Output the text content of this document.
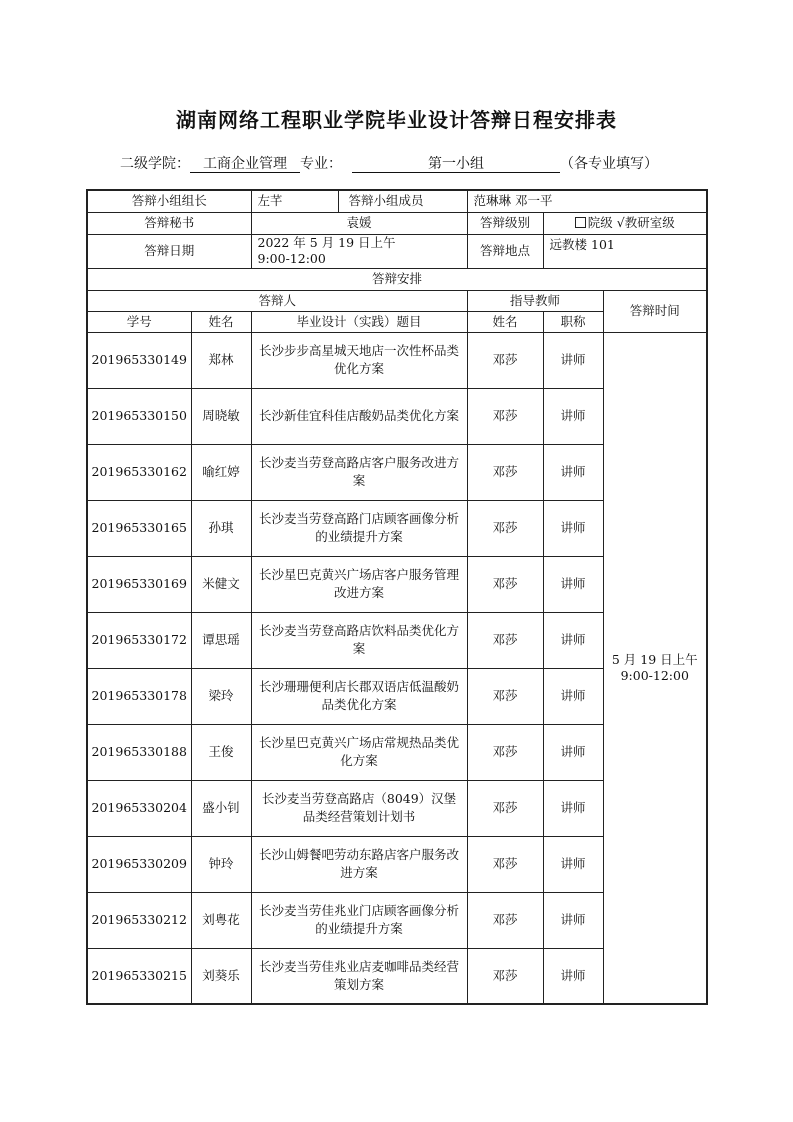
湖南网络工程职业学院毕业设计答辩日程安排表
二级学院： 工商企业管理 专业：	第一小组	（各专业填写）
答辩小组组长		左芊 答辩小组成员	范琳琳 邓一平		
答辩秘书		袁媛	答辩级别	院级 √教研室级	
答辩日期		2022 年 5 月 19 日上午
9:00-12:00	答辩地点	远教楼 101	
答辩安排					
答辩人			指导教师		答辩时间
学号	姓名	毕业设计（实践）题目	姓名	职称	
201965330149	郑林	长沙步步高星城天地店一次性杯品类优化方案	邓莎	讲师	5 月 19 日上午
9:00-12:00

201965330150	周晓敏	长沙新佳宜科佳店酸奶品类优化方案	邓莎	讲师	
201965330162	喻红婷	长沙麦当劳登高路店客户服务改进方案	邓莎	讲师	
201965330165	孙琪	长沙麦当劳登高路门店顾客画像分析的业绩提升方案	邓莎	讲师	
201965330169	米健文	长沙星巴克黄兴广场店客户服务管理改进方案	邓莎	讲师	
201965330172	谭思瑶	长沙麦当劳登高路店饮料品类优化方案	邓莎	讲师	
201965330178	梁玲	长沙珊珊便利店长郡双语店低温酸奶品类优化方案	邓莎	讲师	
201965330188	王俊	长沙星巴克黄兴广场店常规热品类优化方案	邓莎	讲师	
201965330204	盛小钊	长沙麦当劳登高路店（8049）汉堡品类经营策划计划书	邓莎	讲师	
201965330209	钟玲	长沙山姆餐吧劳动东路店客户服务改进方案	邓莎	讲师	
201965330212	刘粤花	长沙麦当劳佳兆业门店顾客画像分析的业绩提升方案	邓莎	讲师	
201965330215	刘葵乐	长沙麦当劳佳兆业店麦咖啡品类经营策划方案	邓莎	讲师	
